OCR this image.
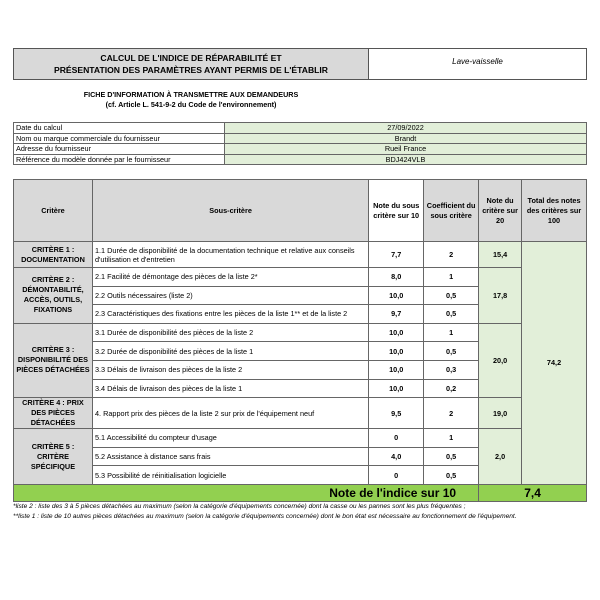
CALCUL DE L'INDICE DE RÉPARABILITÉ ET
PRÉSENTATION DES PARAMÈTRES AYANT PERMIS DE L'ÉTABLIR
Lave-vaisselle
FICHE D'INFORMATION À TRANSMETTRE AUX DEMANDEURS
(cf. Article L. 541-9-2 du Code de l'environnement)
Date du calcul	27/09/2022
Nom ou marque commerciale du fournisseur	Brandt
Adresse du fournisseur	Rueil France
Référence du modèle donnée par le fournisseur	BDJ424VLB
Critère	Sous-critère	Note du sous critère sur 10	Coefficient du sous critère	Note du critère sur 20	Total des notes des critères sur 100
CRITÈRE 1 : DOCUMENTATION	1.1 Durée de disponibilité de la documentation technique et relative aux conseils d'utilisation et d'entretien	7,7	2	15,4	74,2
CRITÈRE 2 : DÉMONTABILITÉ, ACCÈS, OUTILS, FIXATIONS	2.1 Facilité de démontage des pièces de la liste 2*	8,0	1	17,8	
	2.2 Outils nécessaires (liste 2)	10,0	0,5		
	2.3 Caractéristiques des fixations entre les pièces de la liste 1** et de la liste 2	9,7	0,5		
CRITÈRE 3 : DISPONIBILITÉ DES PIÈCES DÉTACHÉES	3.1 Durée de disponibilité des pièces de la liste 2	10,0	1	20,0	
	3.2 Durée de disponibilité des pièces de la liste 1	10,0	0,5		
	3.3 Délais de livraison des pièces de la liste 2	10,0	0,3		
	3.4 Délais de livraison des pièces de la liste 1	10,0	0,2		
CRITÈRE 4 : PRIX DES PIÈCES DÉTACHÉES	4. Rapport prix des pièces de la liste 2 sur prix de l'équipement neuf	9,5	2	19,0	
CRITÈRE 5 : CRITÈRE SPÉCIFIQUE	5.1 Accessibilité du compteur d'usage	0	1	2,0	
	5.2 Assistance à distance sans frais	4,0	0,5		
	5.3 Possibilité de réinitialisation logicielle	0	0,5		
Note de l'indice sur 10				7,4	
*liste 2 : liste des 3 à 5 pièces détachées au maximum (selon la catégorie d'équipements concernée) dont la casse ou les pannes sont les plus fréquentes ;
**liste 1 : liste de 10 autres pièces détachées au maximum (selon la catégorie d'équipements concernée) dont le bon état est nécessaire au fonctionnement de l'équipement.
